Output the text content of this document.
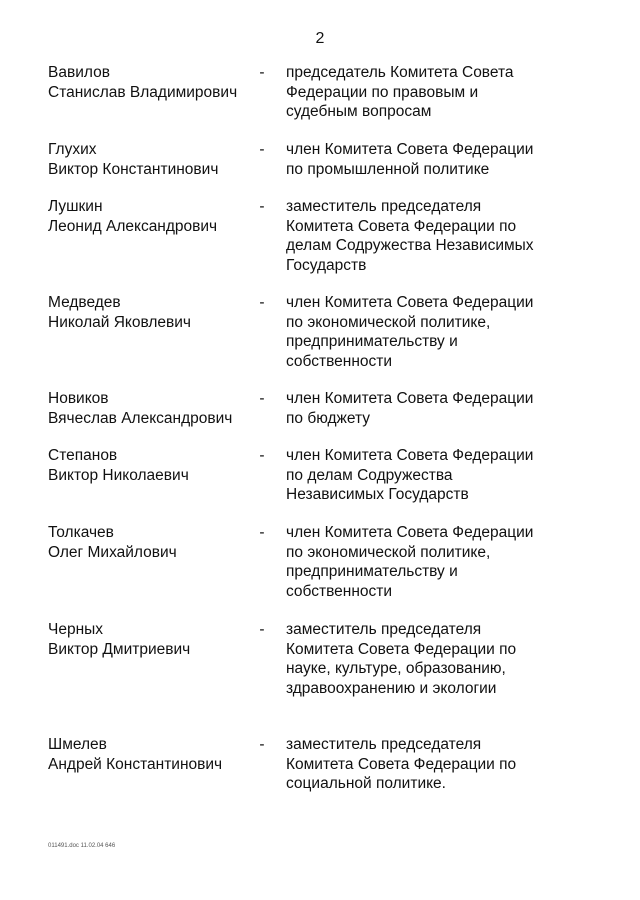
2
Вавилов
Станислав Владимирович
- председатель Комитета Совета
Федерации по правовым и
судебным вопросам
Глухих
Виктор Константинович
- член Комитета Совета Федерации
по промышленной политике
Лушкин
Леонид Александрович
- заместитель председателя
Комитета Совета Федерации по
делам Содружества Независимых
Государств
Медведев
Николай Яковлевич
- член Комитета Совета Федерации
по экономической политике,
предпринимательству и
собственности
Новиков
Вячеслав Александрович
- член Комитета Совета Федерации
по бюджету
Степанов
Виктор Николаевич
- член Комитета Совета Федерации
по делам Содружества
Независимых Государств
Толкачев
Олег Михайлович
- член Комитета Совета Федерации
по экономической политике,
предпринимательству и
собственности
Черных
Виктор Дмитриевич
- заместитель председателя
Комитета Совета Федерации по
науке, культуре, образованию,
здравоохранению и экологии
Шмелев
Андрей Константинович
- заместитель председателя
Комитета Совета Федерации по
социальной политике.
011491.doc 11.02.04 646
